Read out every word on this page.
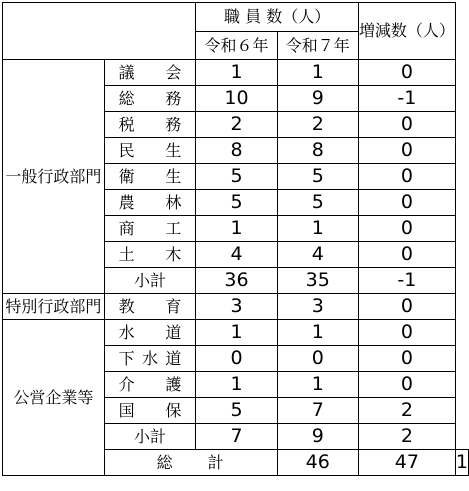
		職 員 数（人）		増減数（人）	
		令和６年	令和７年		
一般行政部門	議 会	1	1	0	

	総 務	10	9	-1	

	税 務	2	2	0	

	民 生	8	8	0	

	衛 生	5	5	0	

	農 林	5	5	0	

	商 工	1	1	0	

	土 木	4	4	0	
	小計	36	35	-1	
特別行政部門	教 育	3	3	0	
公営企業等	水 道	1	1	0	

	下 水 道	0	0	0	

	介 護	1	1	0	

	国 保	5	7	2	
	小計	7	9	2	
	総　　計		46	47	1
